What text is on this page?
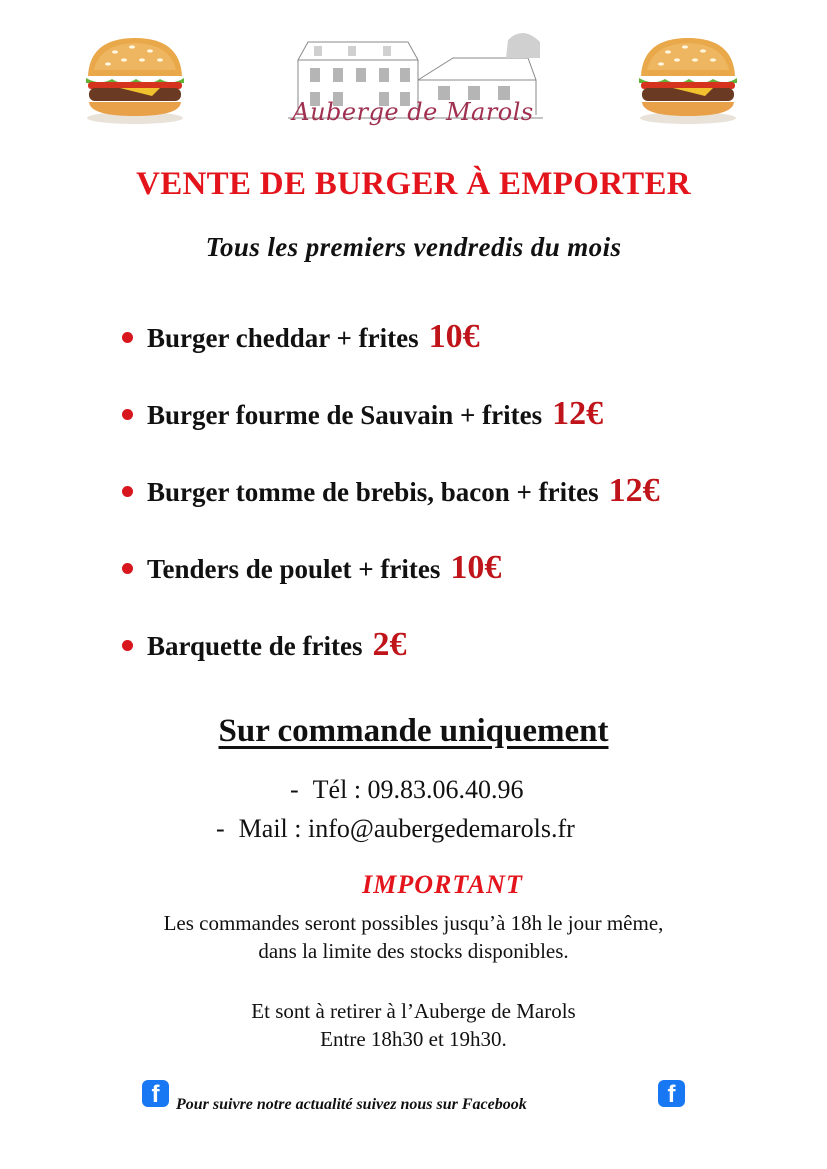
Auberge de Marols
VENTE DE BURGER À EMPORTER
Tous les premiers vendredis du mois
Burger cheddar + frites 10€
Burger fourme de Sauvain + frites 12€
Burger tomme de brebis, bacon + frites 12€
Tenders de poulet + frites 10€
Barquette de frites 2€
Sur commande uniquement
- Tél : 09.83.06.40.96
- Mail : info@aubergedemarols.fr
IMPORTANT
Les commandes seront possibles jusqu’à 18h le jour même,
dans la limite des stocks disponibles.
Et sont à retirer à l’Auberge de Marols
Entre 18h30 et 19h30.
f	Pour suivre notre actualité suivez nous sur Facebook	f
